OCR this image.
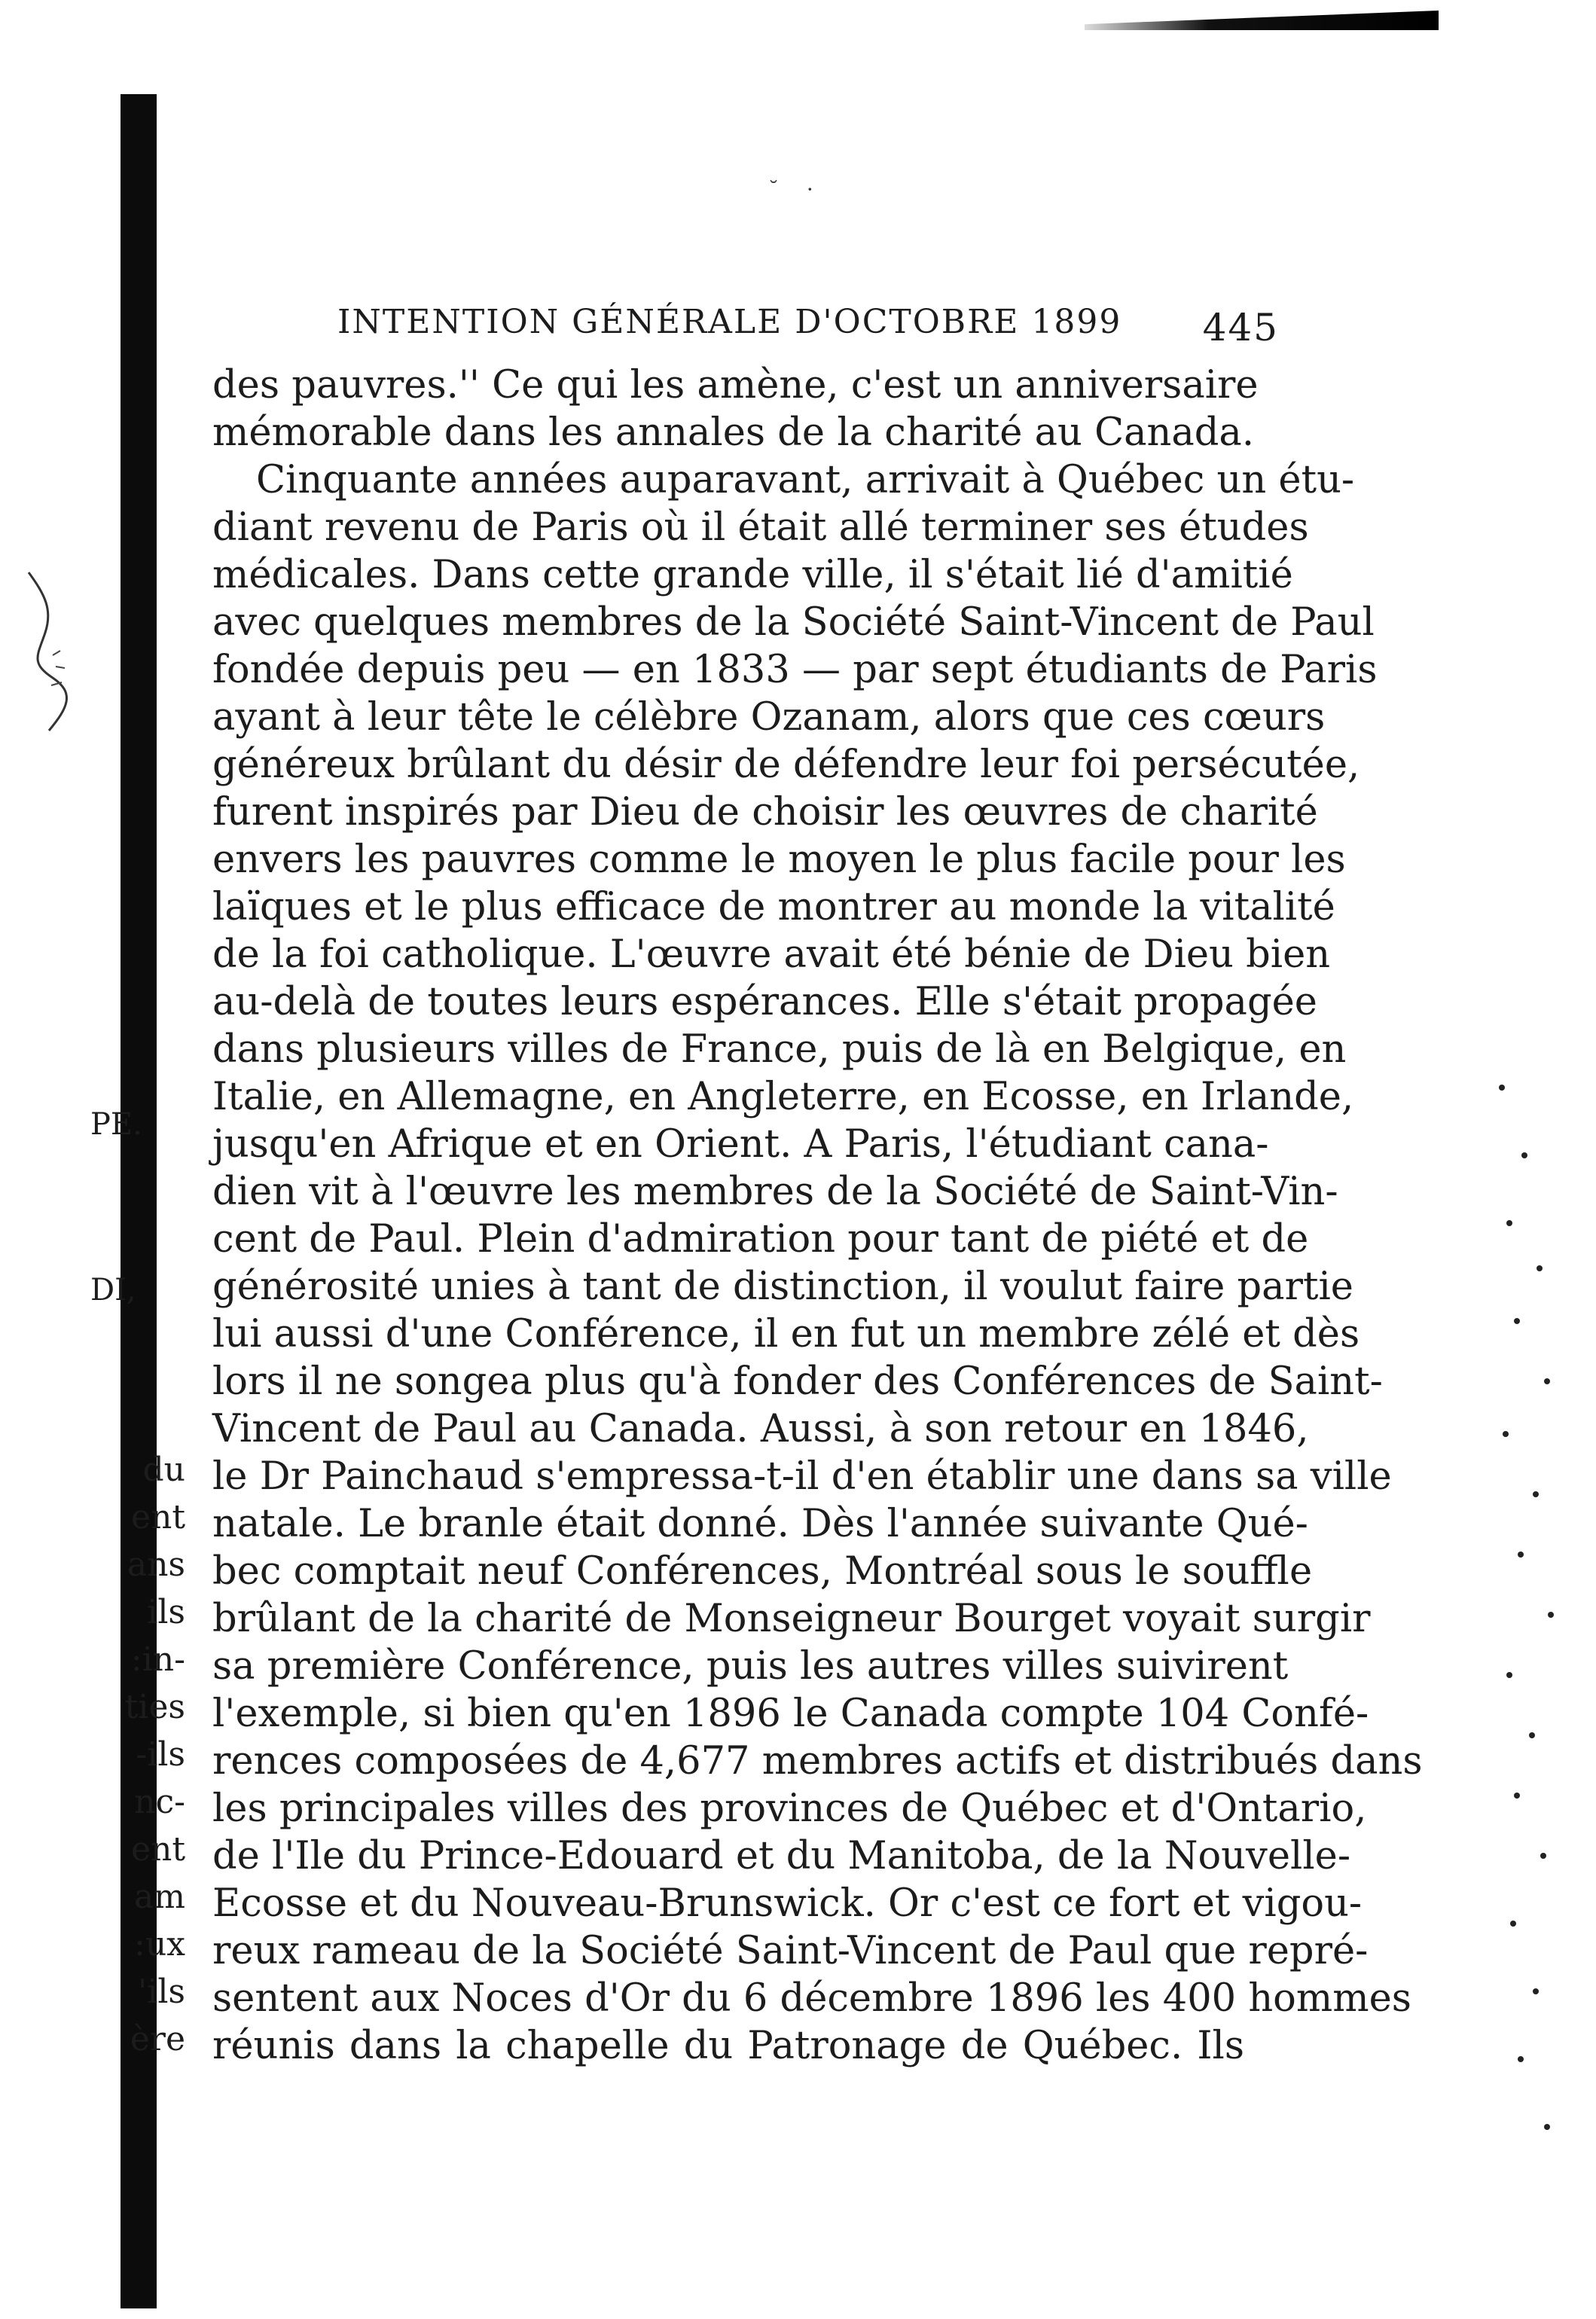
˘ ·
INTENTION GÉNÉRALE D'OCTOBRE 1899 445
des pauvres.'' Ce qui les amène, c'est un anniversaire
mémorable dans les annales de la charité au Canada.
Cinquante années auparavant, arrivait à Québec un étu-
diant revenu de Paris où il était allé terminer ses études
médicales. Dans cette grande ville, il s'était lié d'amitié
avec quelques membres de la Société Saint-Vincent de Paul
fondée depuis peu — en 1833 — par sept étudiants de Paris
ayant à leur tête le célèbre Ozanam, alors que ces cœurs
généreux brûlant du désir de défendre leur foi persécutée,
furent inspirés par Dieu de choisir les œuvres de charité
envers les pauvres comme le moyen le plus facile pour les
laïques et le plus efficace de montrer au monde la vitalité
de la foi catholique. L'œuvre avait été bénie de Dieu bien
au-delà de toutes leurs espérances. Elle s'était propagée
dans plusieurs villes de France, puis de là en Belgique, en
Italie, en Allemagne, en Angleterre, en Ecosse, en Irlande,
jusqu'en Afrique et en Orient. A Paris, l'étudiant cana-
dien vit à l'œuvre les membres de la Société de Saint-Vin-
cent de Paul. Plein d'admiration pour tant de piété et de
générosité unies à tant de distinction, il voulut faire partie
lui aussi d'une Conférence, il en fut un membre zélé et dès
lors il ne songea plus qu'à fonder des Conférences de Saint-
Vincent de Paul au Canada. Aussi, à son retour en 1846,
le Dr Painchaud s'empressa-t-il d'en établir une dans sa ville
natale. Le branle était donné. Dès l'année suivante Qué-
bec comptait neuf Conférences, Montréal sous le souffle
brûlant de la charité de Monseigneur Bourget voyait surgir
sa première Conférence, puis les autres villes suivirent
l'exemple, si bien qu'en 1896 le Canada compte 104 Confé-
rences composées de 4,677 membres actifs et distribués dans
les principales villes des provinces de Québec et d'Ontario,
de l'Ile du Prince-Edouard et du Manitoba, de la Nouvelle-
Ecosse et du Nouveau-Brunswick. Or c'est ce fort et vigou-
reux rameau de la Société Saint-Vincent de Paul que repré-
sentent aux Noces d'Or du 6 décembre 1896 les 400 hommes
réunis dans la chapelle du Patronage de Québec. Ils
PE.
DI,
du
ent
ans
ils
:in-
ties
-ils
nc-
ent
am
:ux
'ils
ère
